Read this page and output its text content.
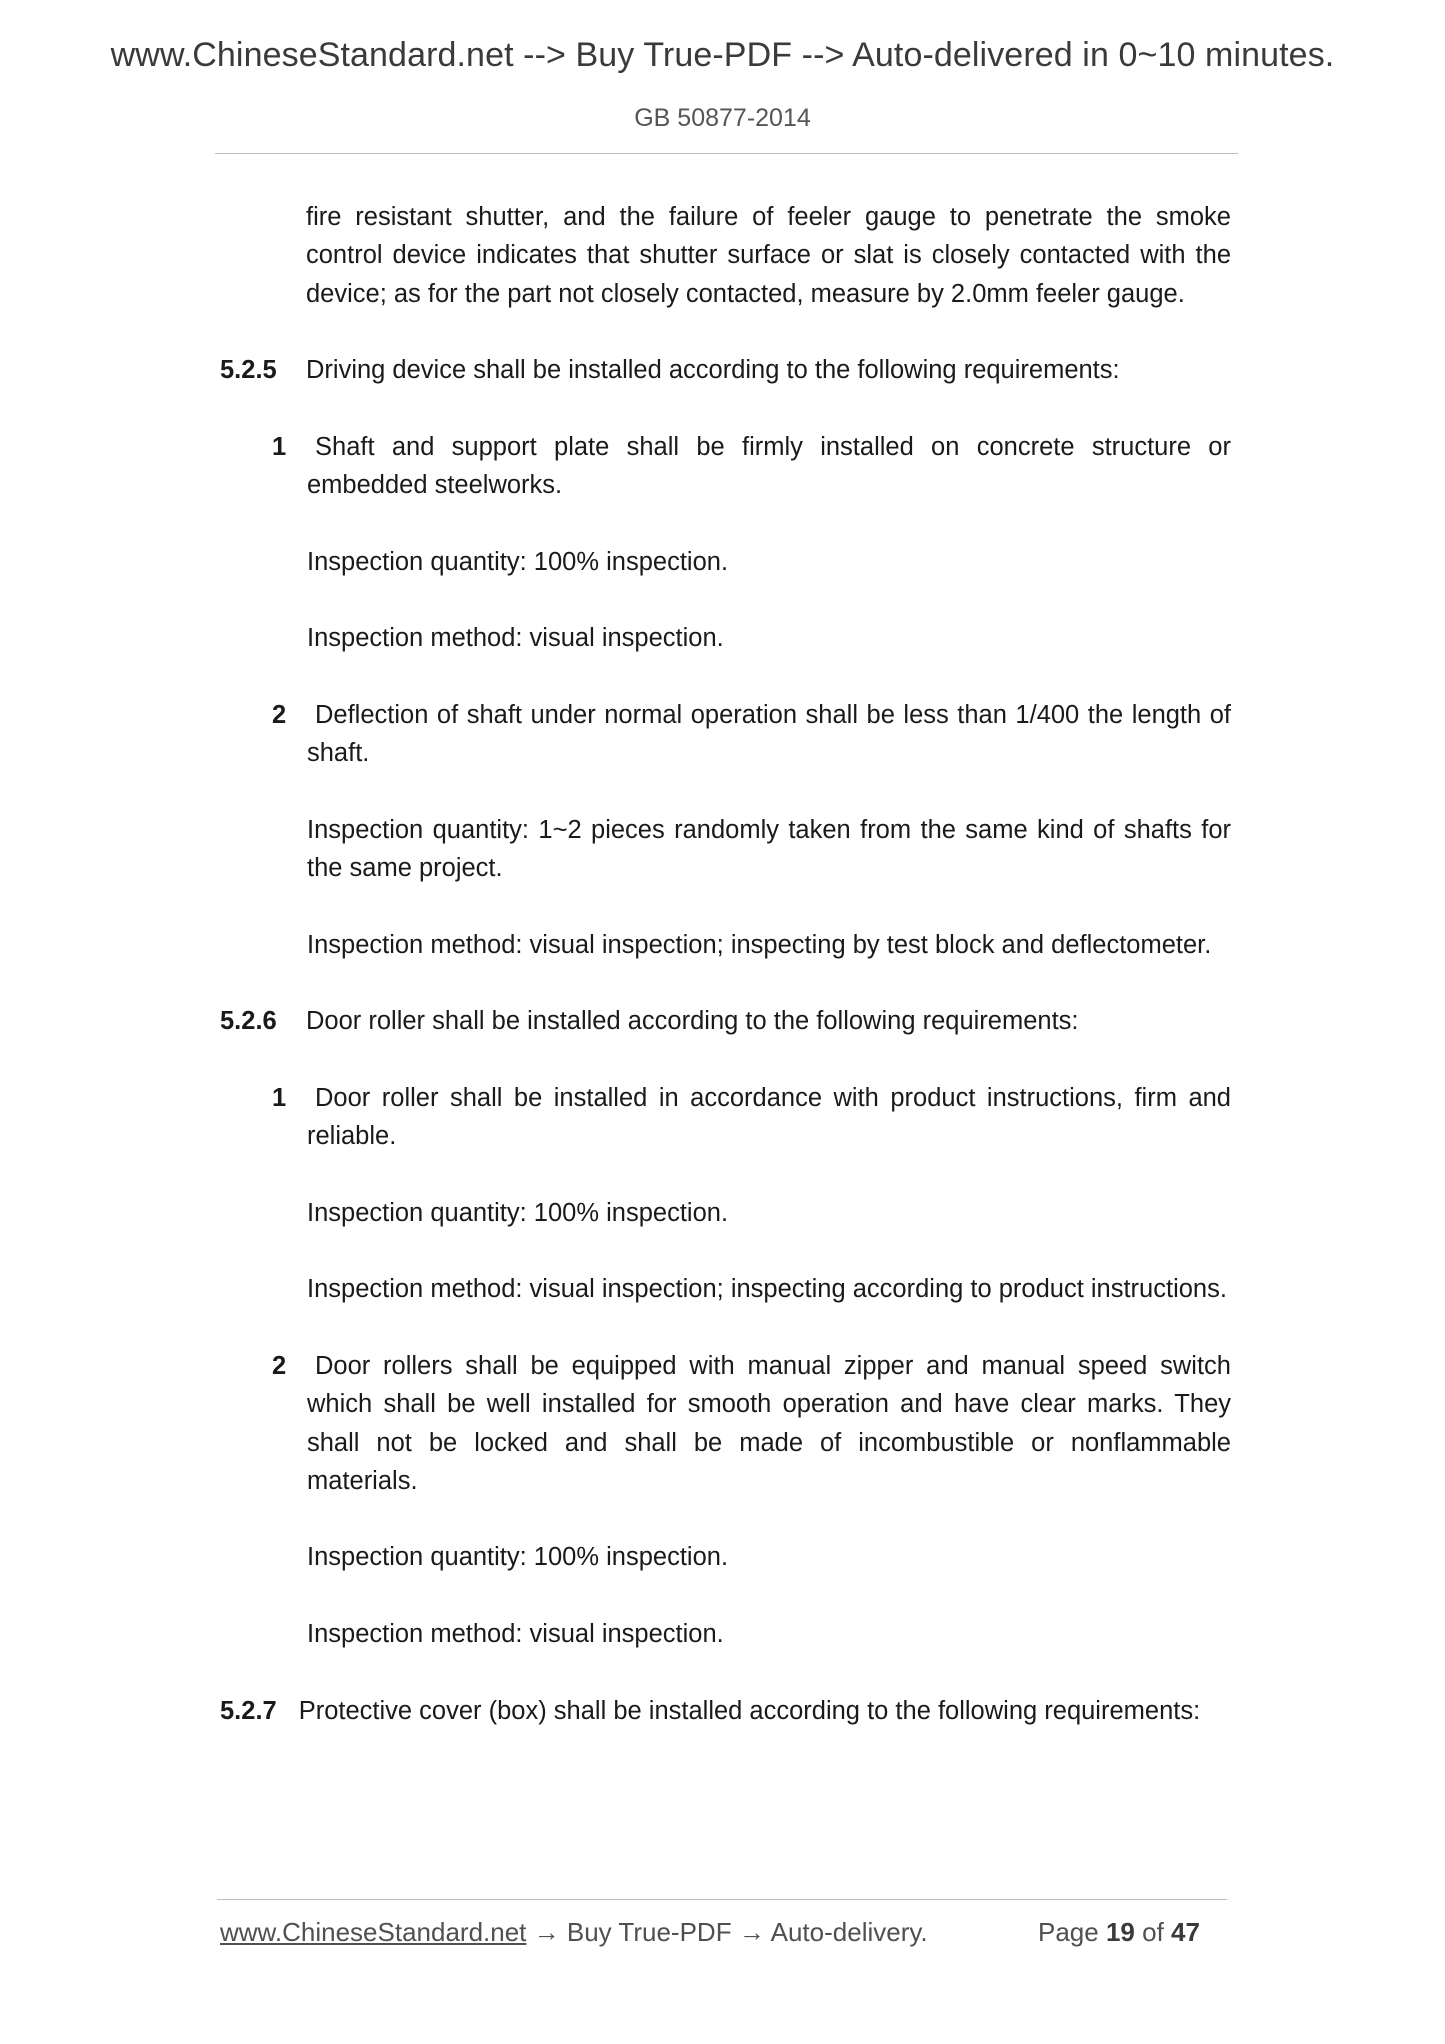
www.ChineseStandard.net --> Buy True-PDF --> Auto-delivered in 0~10 minutes.
GB 50877-2014

fire resistant shutter, and the failure of feeler gauge to penetrate the smoke control device indicates that shutter surface or slat is closely contacted with the device; as for the part not closely contacted, measure by 2.0mm feeler gauge.

5.2.5 Driving device shall be installed according to the following requirements:

1 Shaft and support plate shall be firmly installed on concrete structure or embedded steelworks.

Inspection quantity: 100% inspection.

Inspection method: visual inspection.

2 Deflection of shaft under normal operation shall be less than 1/400 the length of shaft.

Inspection quantity: 1~2 pieces randomly taken from the same kind of shafts for the same project.

Inspection method: visual inspection; inspecting by test block and deflectometer.

5.2.6 Door roller shall be installed according to the following requirements:

1 Door roller shall be installed in accordance with product instructions, firm and reliable.

Inspection quantity: 100% inspection.

Inspection method: visual inspection; inspecting according to product instructions.

2 Door rollers shall be equipped with manual zipper and manual speed switch which shall be well installed for smooth operation and have clear marks. They shall not be locked and shall be made of incombustible or nonflammable materials.

Inspection quantity: 100% inspection.

Inspection method: visual inspection.

5.2.7 Protective cover (box) shall be installed according to the following requirements:

www.ChineseStandard.net → Buy True-PDF → Auto-delivery.	Page 19 of 47
